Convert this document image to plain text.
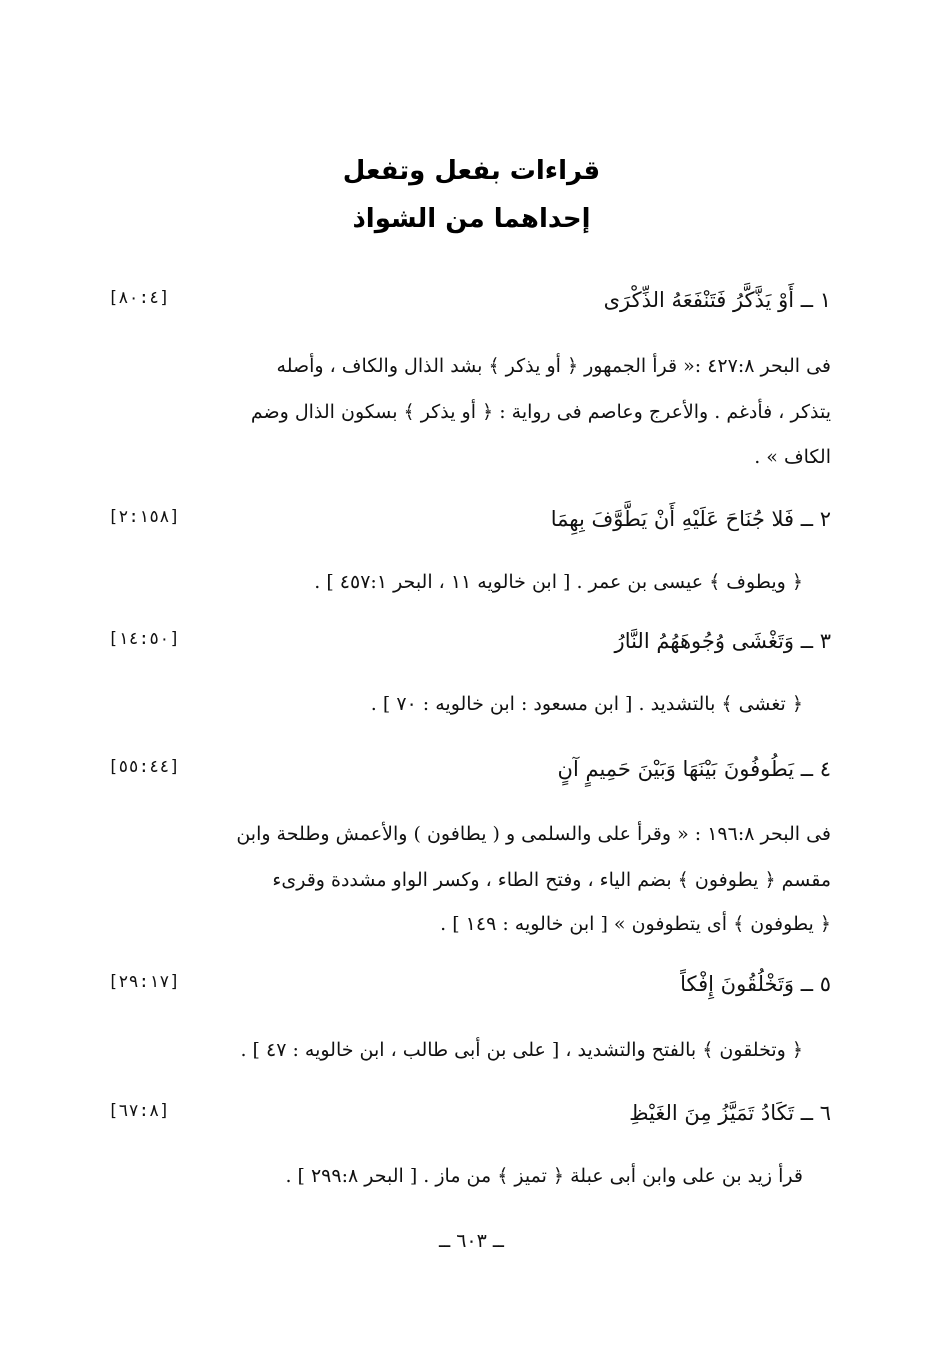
قراءات بفعل وتفعل
إحداهما من الشواذ
١ ــ أَوْ يَذَّكَّرُ فَتَنْفَعَهُ الذِّكْرَى
[٨٠:٤]
فى البحر ٤٢٧:٨ :« قرأ الجمهور ﴿ أو يذكر ﴾ بشد الذال والكاف ، وأصله
يتذكر ، فأدغم . والأعرج وعاصم فى رواية : ﴿ أو يذكر ﴾ بسكون الذال وضم
الكاف » .
٢ ــ فَلا جُنَاحَ عَلَيْهِ أَنْ يَطَّوَّفَ بِهِمَا
[٢:١٥٨]
﴿ ويطوف ﴾ عيسى بن عمر . [ ابن خالويه ١١ ، البحر ٤٥٧:١ ] .
٣ ــ وَتَغْشَى وُجُوهَهُمُ النَّارُ
[١٤:٥٠]
﴿ تغشى ﴾ بالتشديد . [ ابن مسعود : ابن خالويه : ٧٠ ] .
٤ ــ يَطُوفُونَ بَيْنَهَا وَبَيْنَ حَمِيمٍ آنٍ
[٥٥:٤٤]
فى البحر ١٩٦:٨ : « وقرأ على والسلمى و ( يطافون ) والأعمش وطلحة وابن
مقسم ﴿ يطوفون ﴾ بضم الياء ، وفتح الطاء ، وكسر الواو مشددة وقرىء
﴿ يطوفون ﴾ أى يتطوفون » [ ابن خالويه : ١٤٩ ] .
٥ ــ وَتَخْلُقُونَ إِفْكاً
[٢٩:١٧]
﴿ وتخلقون ﴾ بالفتح والتشديد ، [ على بن أبى طالب ، ابن خالويه : ٤٧ ] .
٦ ــ تَكَادُ تَمَيَّزُ مِنَ الغَيْظِ
[٦٧:٨]
قرأ زيد بن على وابن أبى عبلة ﴿ تميز ﴾ من ماز . [ البحر ٢٩٩:٨ ] .
ــ ٦٠٣ ــ
